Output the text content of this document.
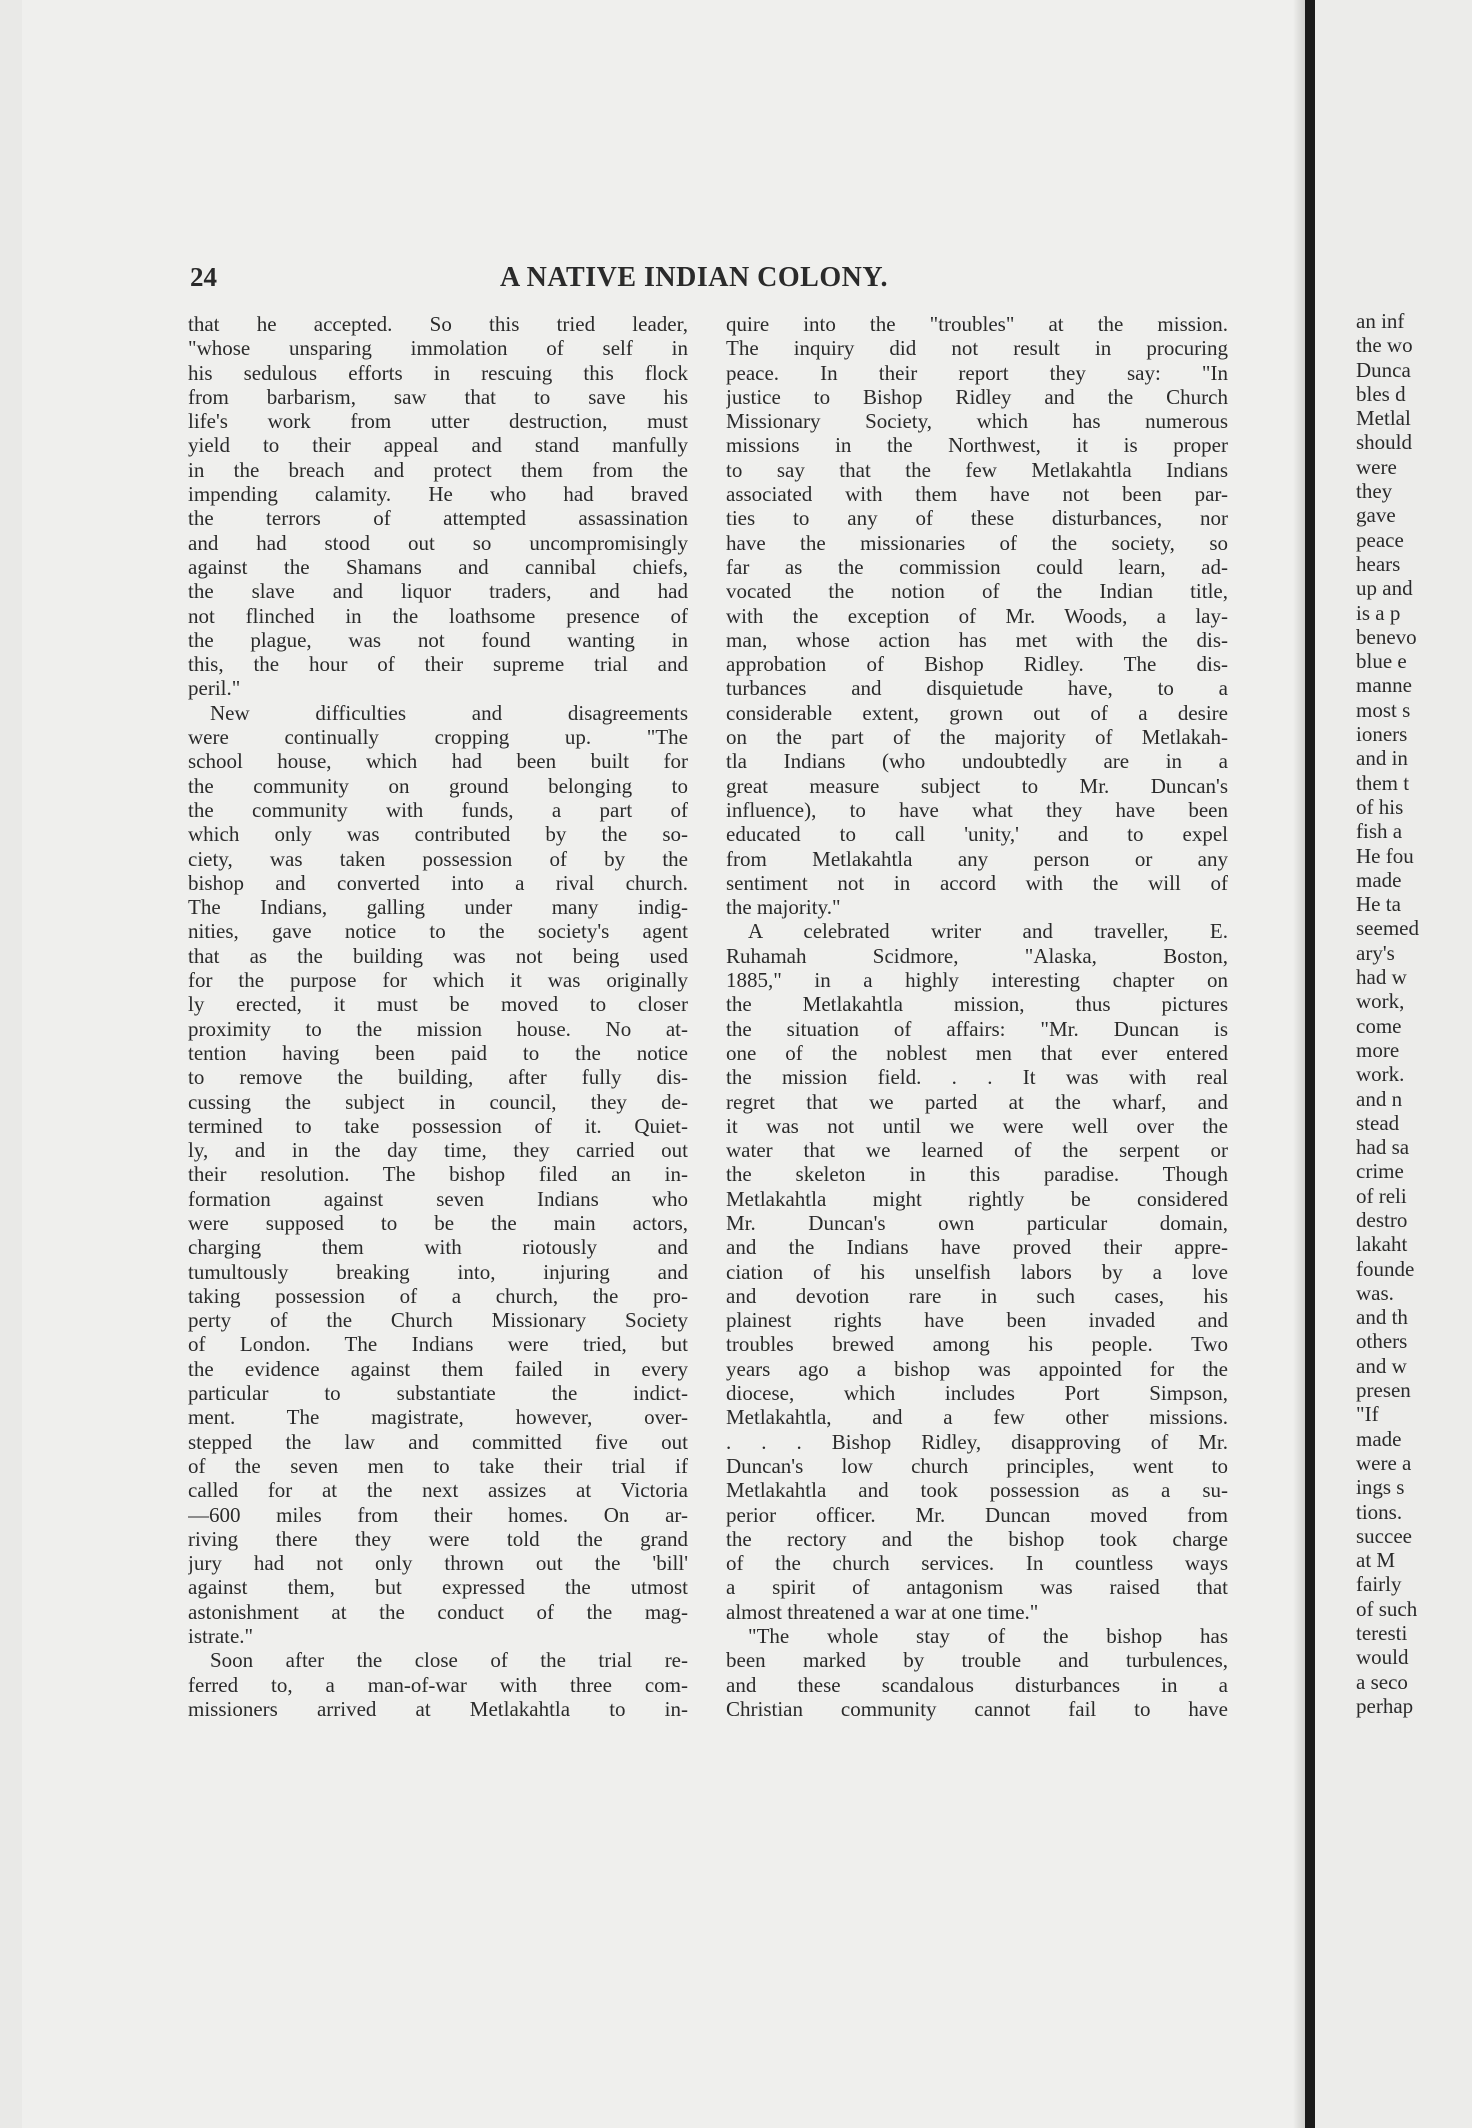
24	A NATIVE INDIAN COLONY.
that he accepted. So this tried leader,
"whose unsparing immolation of self in
his sedulous efforts in rescuing this flock
from barbarism, saw that to save his
life's work from utter destruction, must
yield to their appeal and stand manfully
in the breach and protect them from the
impending calamity. He who had braved
the terrors of attempted assassination
and had stood out so uncompromisingly
against the Shamans and cannibal chiefs,
the slave and liquor traders, and had
not flinched in the loathsome presence of
the plague, was not found wanting in
this, the hour of their supreme trial and
peril."
New difficulties and disagreements
were continually cropping up. "The
school house, which had been built for
the community on ground belonging to
the community with funds, a part of
which only was contributed by the so-
ciety, was taken possession of by the
bishop and converted into a rival church.
The Indians, galling under many indig-
nities, gave notice to the society's agent
that as the building was not being used
for the purpose for which it was originally
ly erected, it must be moved to closer
proximity to the mission house. No at-
tention having been paid to the notice
to remove the building, after fully dis-
cussing the subject in council, they de-
termined to take possession of it. Quiet-
ly, and in the day time, they carried out
their resolution. The bishop filed an in-
formation against seven Indians who
were supposed to be the main actors,
charging them with riotously and
tumultously breaking into, injuring and
taking possession of a church, the pro-
perty of the Church Missionary Society
of London. The Indians were tried, but
the evidence against them failed in every
particular to substantiate the indict-
ment. The magistrate, however, over-
stepped the law and committed five out
of the seven men to take their trial if
called for at the next assizes at Victoria
—600 miles from their homes. On ar-
riving there they were told the grand
jury had not only thrown out the 'bill'
against them, but expressed the utmost
astonishment at the conduct of the mag-
istrate."
Soon after the close of the trial re-
ferred to, a man-of-war with three com-
missioners arrived at Metlakahtla to in-
quire into the "troubles" at the mission.
The inquiry did not result in procuring
peace. In their report they say: "In
justice to Bishop Ridley and the Church
Missionary Society, which has numerous
missions in the Northwest, it is proper
to say that the few Metlakahtla Indians
associated with them have not been par-
ties to any of these disturbances, nor
have the missionaries of the society, so
far as the commission could learn, ad-
vocated the notion of the Indian title,
with the exception of Mr. Woods, a lay-
man, whose action has met with the dis-
approbation of Bishop Ridley. The dis-
turbances and disquietude have, to a
considerable extent, grown out of a desire
on the part of the majority of Metlakah-
tla Indians (who undoubtedly are in a
great measure subject to Mr. Duncan's
influence), to have what they have been
educated to call 'unity,' and to expel
from Metlakahtla any person or any
sentiment not in accord with the will of
the majority."
A celebrated writer and traveller, E.
Ruhamah Scidmore, "Alaska, Boston,
1885," in a highly interesting chapter on
the Metlakahtla mission, thus pictures
the situation of affairs: "Mr. Duncan is
one of the noblest men that ever entered
the mission field. . . It was with real
regret that we parted at the wharf, and
it was not until we were well over the
water that we learned of the serpent or
the skeleton in this paradise. Though
Metlakahtla might rightly be considered
Mr. Duncan's own particular domain,
and the Indians have proved their appre-
ciation of his unselfish labors by a love
and devotion rare in such cases, his
plainest rights have been invaded and
troubles brewed among his people. Two
years ago a bishop was appointed for the
diocese, which includes Port Simpson,
Metlakahtla, and a few other missions.
. . . Bishop Ridley, disapproving of Mr.
Duncan's low church principles, went to
Metlakahtla and took possession as a su-
perior officer. Mr. Duncan moved from
the rectory and the bishop took charge
of the church services. In countless ways
a spirit of antagonism was raised that
almost threatened a war at one time."
"The whole stay of the bishop has
been marked by trouble and turbulences,
and these scandalous disturbances in a
Christian community cannot fail to have
an inf
the wo
Dunca
bles d
Metlal
should
were
they
gave
peace
hears
up and
is a p
benevo
blue e
manne
most s
ioners
and in
them t
of his
fish a
He fou
made
He ta
seemed
ary's
had w
work,
come
more
work.
and n
stead
had sa
crime
of reli
destro
lakaht
founde
was.
and th
others
and w
presen
"If
made
were a
ings s
tions.
succee
at M
fairly
of such
teresti
would
a seco
perhap
